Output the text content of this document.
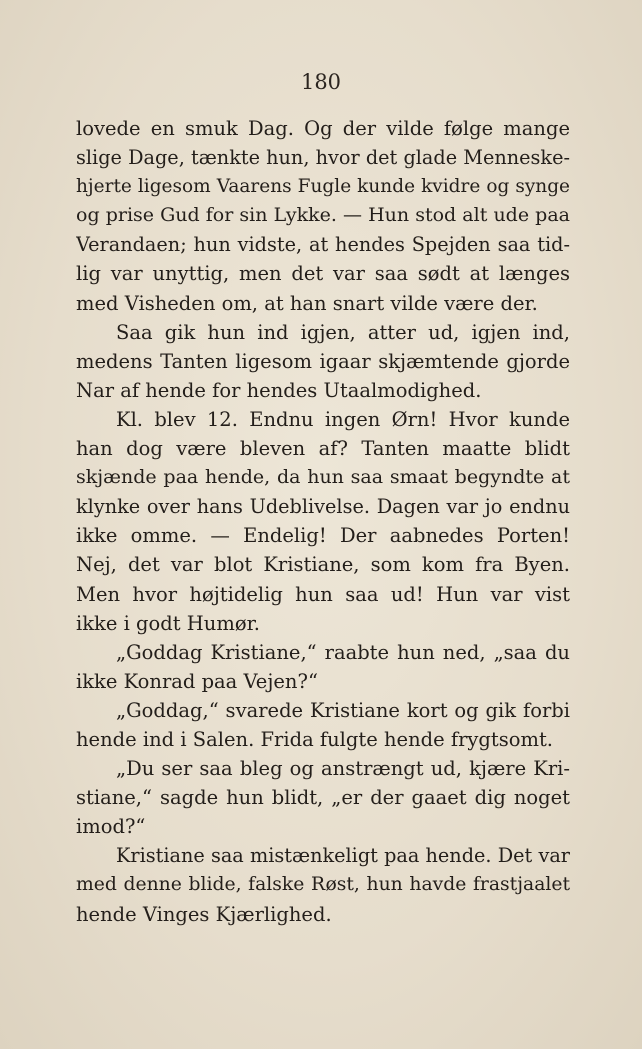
180
lovede en smuk Dag. Og der vilde følge mange
slige Dage, tænkte hun, hvor det glade Menneske-
hjerte ligesom Vaarens Fugle kunde kvidre og synge
og prise Gud for sin Lykke. — Hun stod alt ude paa
Verandaen; hun vidste, at hendes Spejden saa tid-
lig var unyttig, men det var saa sødt at længes
med Visheden om, at han snart vilde være der.
Saa gik hun ind igjen, atter ud, igjen ind,
medens Tanten ligesom igaar skjæmtende gjorde
Nar af hende for hendes Utaalmodighed.
Kl. blev 12. Endnu ingen Ørn! Hvor kunde
han dog være bleven af? Tanten maatte blidt
skjænde paa hende, da hun saa smaat begyndte at
klynke over hans Udeblivelse. Dagen var jo endnu
ikke omme. — Endelig! Der aabnedes Porten!
Nej, det var blot Kristiane, som kom fra Byen.
Men hvor højtidelig hun saa ud! Hun var vist
ikke i godt Humør.
„Goddag Kristiane,“ raabte hun ned, „saa du
ikke Konrad paa Vejen?“
„Goddag,“ svarede Kristiane kort og gik forbi
hende ind i Salen. Frida fulgte hende frygtsomt.
„Du ser saa bleg og anstrængt ud, kjære Kri-
stiane,“ sagde hun blidt, „er der gaaet dig noget
imod?“
Kristiane saa mistænkeligt paa hende. Det var
med denne blide, falske Røst, hun havde frastjaalet
hende Vinges Kjærlighed.
